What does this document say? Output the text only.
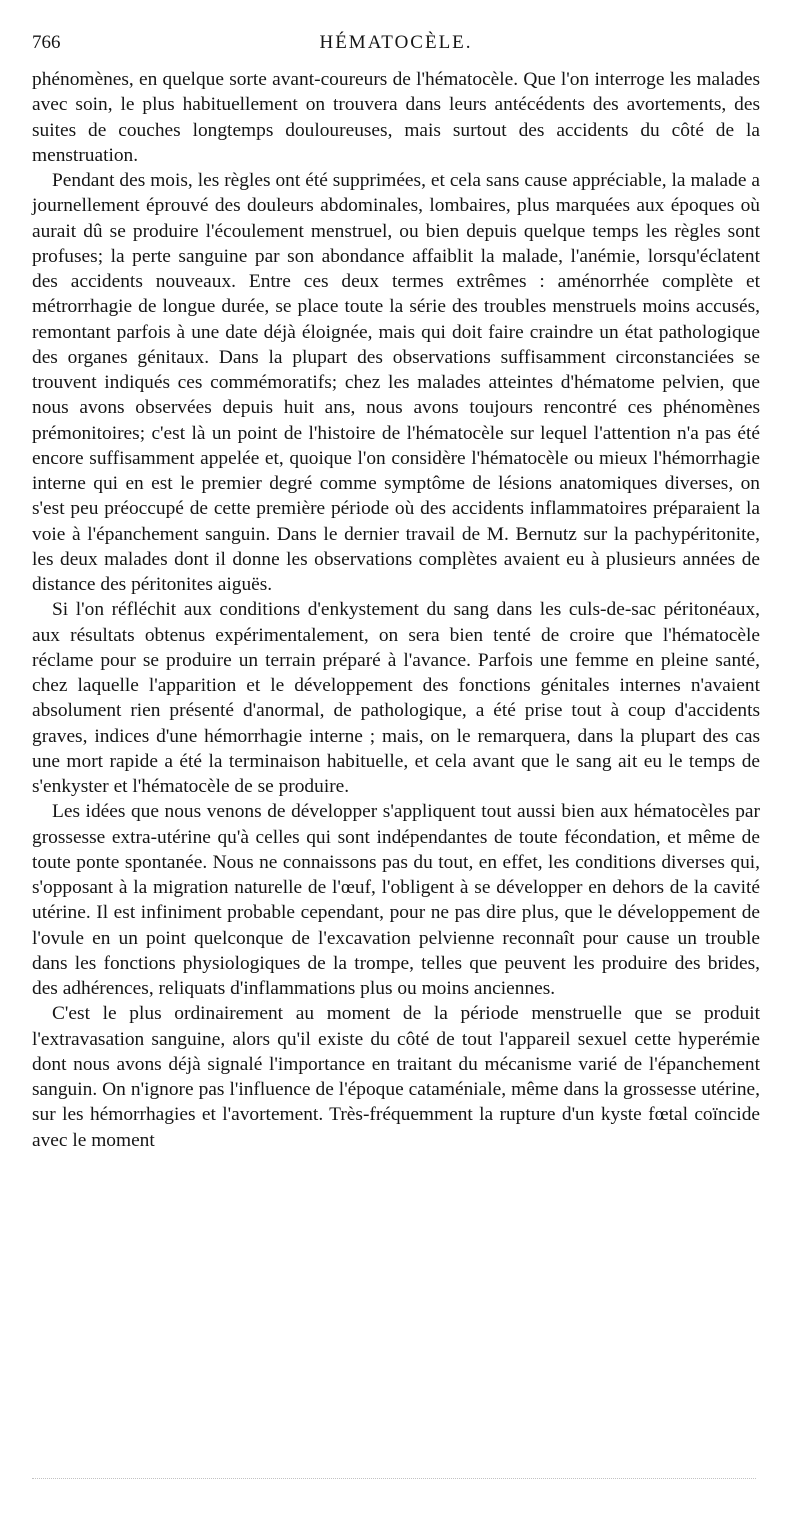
766	HÉMATOCÈLE.

phénomènes, en quelque sorte avant-coureurs de l'hématocèle. Que l'on interroge les malades avec soin, le plus habituellement on trouvera dans leurs antécédents des avortements, des suites de couches longtemps douloureuses, mais surtout des accidents du côté de la menstruation.

Pendant des mois, les règles ont été supprimées, et cela sans cause appréciable, la malade a journellement éprouvé des douleurs abdominales, lombaires, plus marquées aux époques où aurait dû se produire l'écoulement menstruel, ou bien depuis quelque temps les règles sont profuses; la perte sanguine par son abondance affaiblit la malade, l'anémie, lorsqu'éclatent des accidents nouveaux. Entre ces deux termes extrêmes : aménorrhée complète et métrorrhagie de longue durée, se place toute la série des troubles menstruels moins accusés, remontant parfois à une date déjà éloignée, mais qui doit faire craindre un état pathologique des organes génitaux. Dans la plupart des observations suffisamment circonstanciées se trouvent indiqués ces commémoratifs; chez les malades atteintes d'hématome pelvien, que nous avons observées depuis huit ans, nous avons toujours rencontré ces phénomènes prémonitoires; c'est là un point de l'histoire de l'hématocèle sur lequel l'attention n'a pas été encore suffisamment appelée et, quoique l'on considère l'hématocèle ou mieux l'hémorrhagie interne qui en est le premier degré comme symptôme de lésions anatomiques diverses, on s'est peu préoccupé de cette première période où des accidents inflammatoires préparaient la voie à l'épanchement sanguin. Dans le dernier travail de M. Bernutz sur la pachypéritonite, les deux malades dont il donne les observations complètes avaient eu à plusieurs années de distance des péritonites aiguës.

Si l'on réfléchit aux conditions d'enkystement du sang dans les culs-de-sac péritonéaux, aux résultats obtenus expérimentalement, on sera bien tenté de croire que l'hématocèle réclame pour se produire un terrain préparé à l'avance. Parfois une femme en pleine santé, chez laquelle l'apparition et le développement des fonctions génitales internes n'avaient absolument rien présenté d'anormal, de pathologique, a été prise tout à coup d'accidents graves, indices d'une hémorrhagie interne ; mais, on le remarquera, dans la plupart des cas une mort rapide a été la terminaison habituelle, et cela avant que le sang ait eu le temps de s'enkyster et l'hématocèle de se produire.

Les idées que nous venons de développer s'appliquent tout aussi bien aux hématocèles par grossesse extra-utérine qu'à celles qui sont indépendantes de toute fécondation, et même de toute ponte spontanée. Nous ne connaissons pas du tout, en effet, les conditions diverses qui, s'opposant à la migration naturelle de l'œuf, l'obligent à se développer en dehors de la cavité utérine. Il est infiniment probable cependant, pour ne pas dire plus, que le développement de l'ovule en un point quelconque de l'excavation pelvienne reconnaît pour cause un trouble dans les fonctions physiologiques de la trompe, telles que peuvent les produire des brides, des adhérences, reliquats d'inflammations plus ou moins anciennes.

C'est le plus ordinairement au moment de la période menstruelle que se produit l'extravasation sanguine, alors qu'il existe du côté de tout l'appareil sexuel cette hyperémie dont nous avons déjà signalé l'importance en traitant du mécanisme varié de l'épanchement sanguin. On n'ignore pas l'influence de l'époque cataméniale, même dans la grossesse utérine, sur les hémorrhagies et l'avortement. Très-fréquemment la rupture d'un kyste fœtal coïncide avec le moment
